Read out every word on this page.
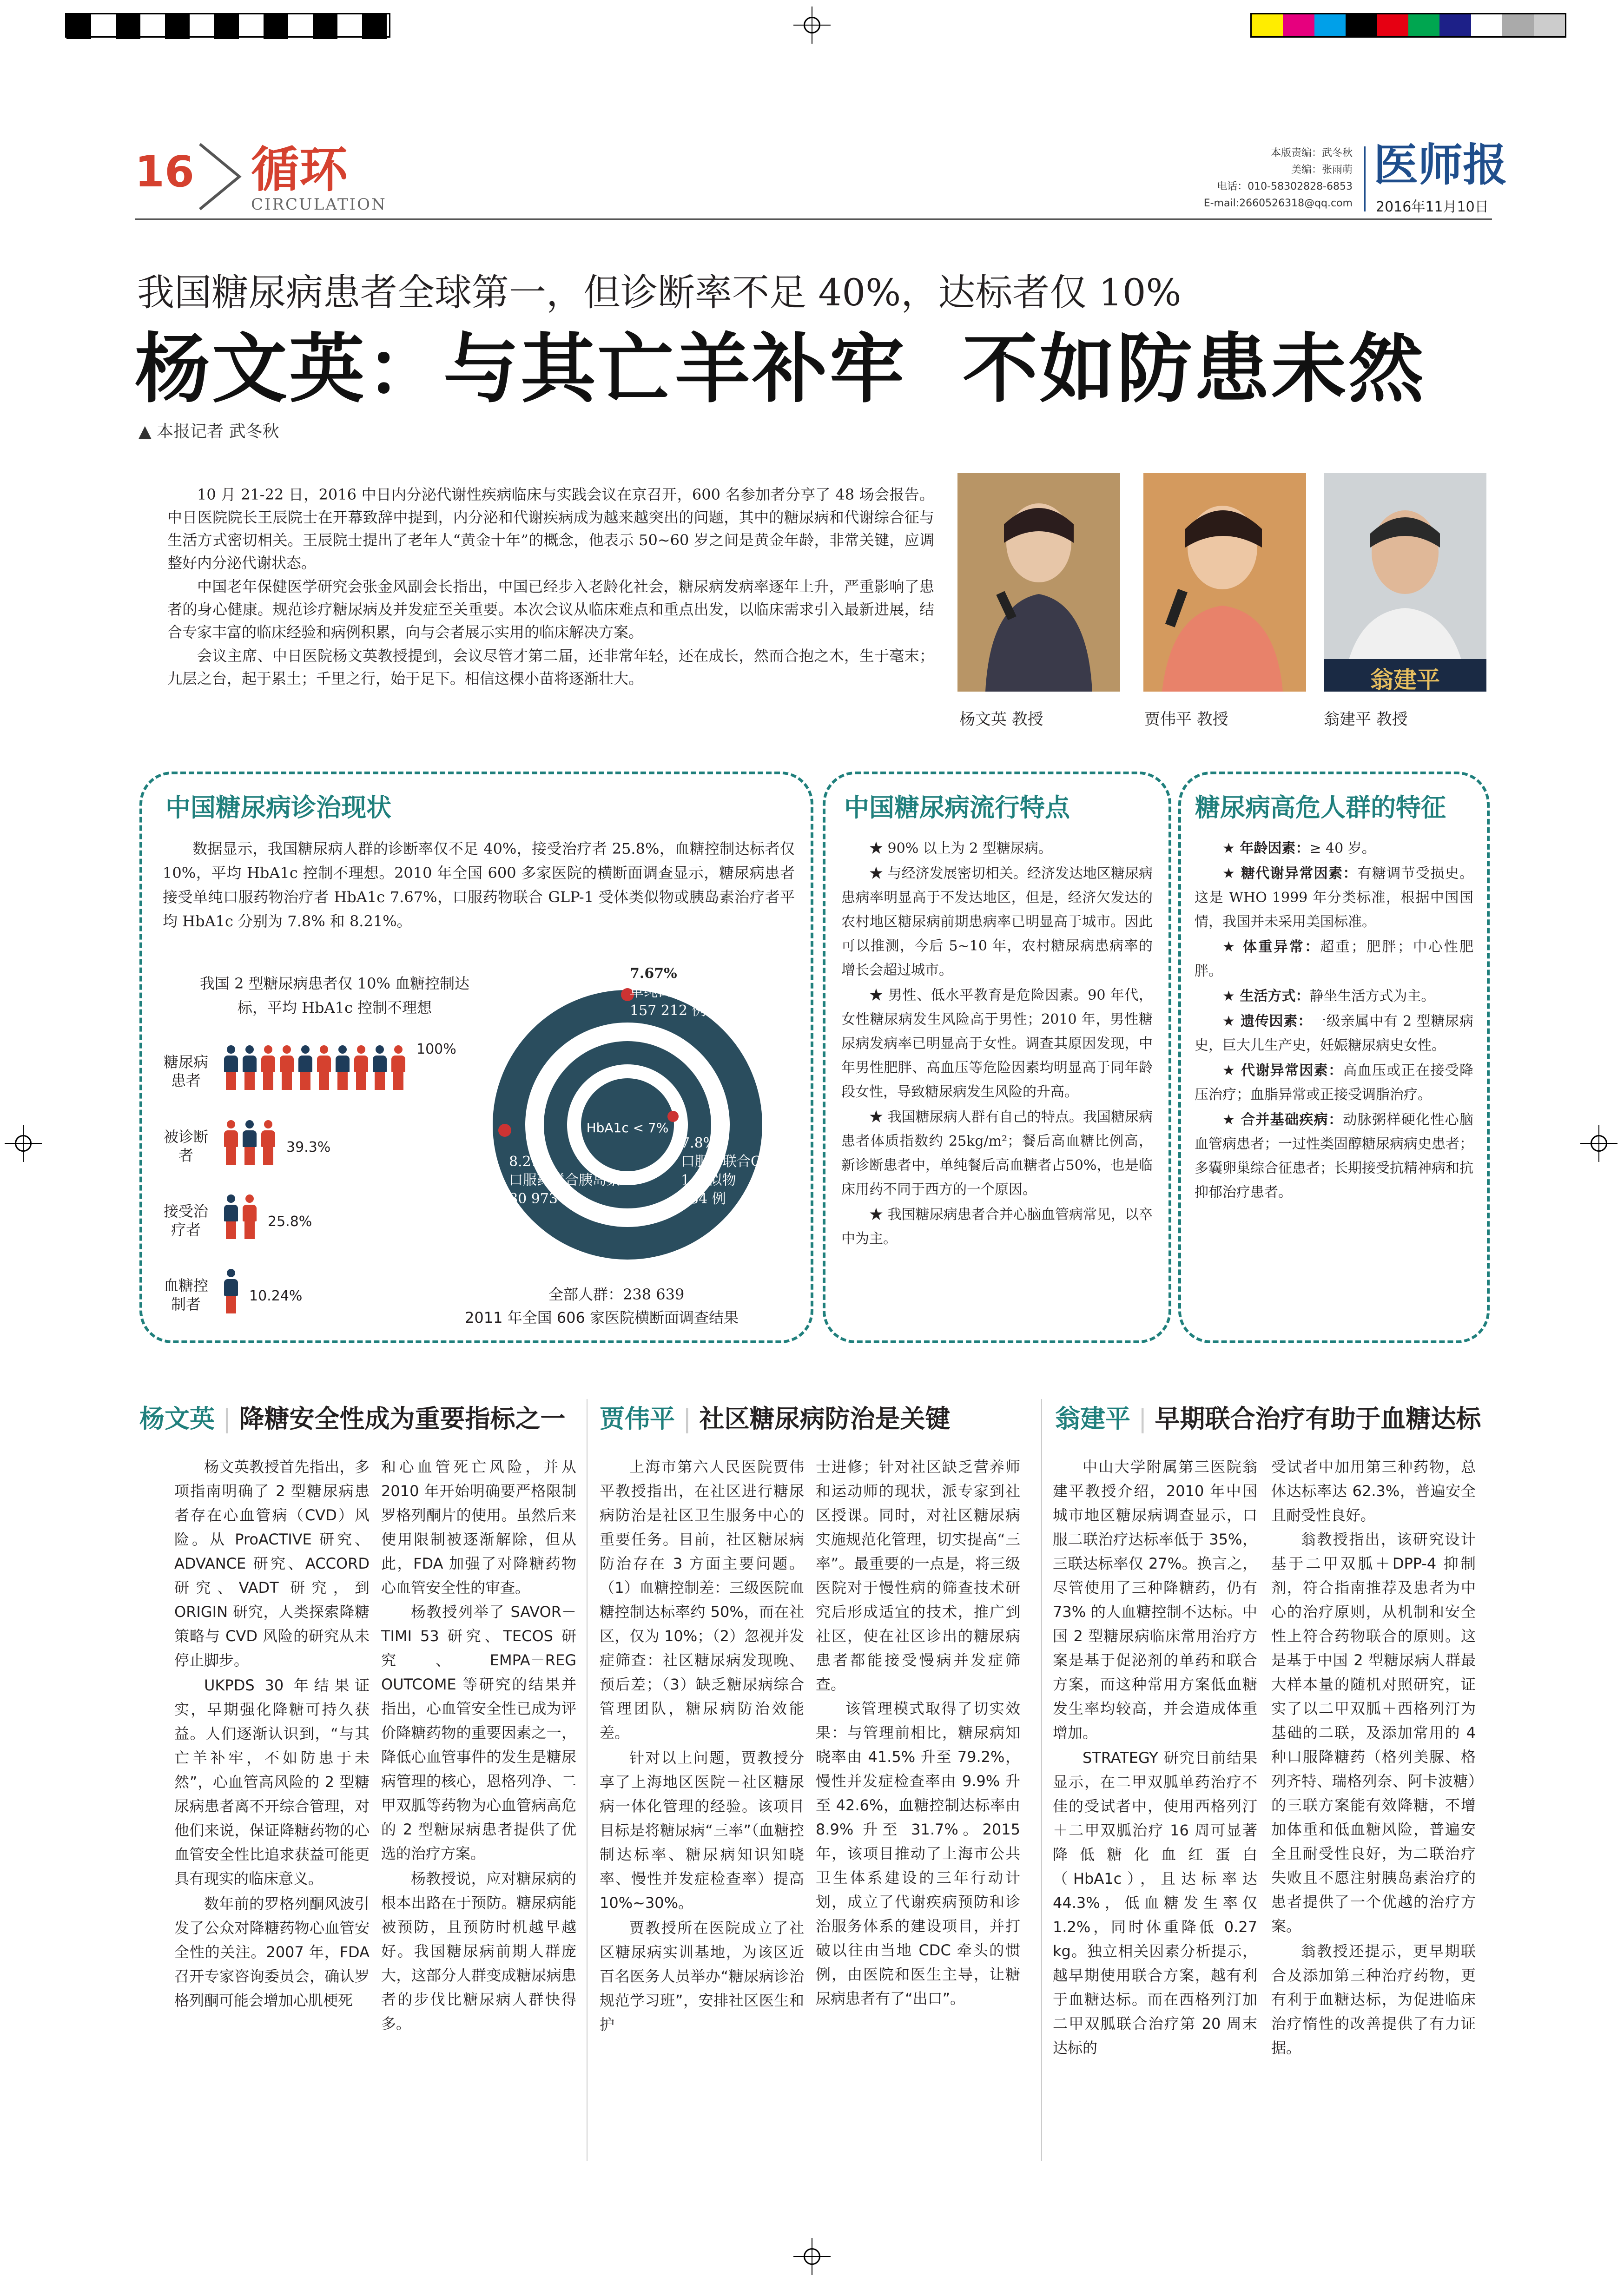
16 循环
CIRCULATION
本版责编：武冬秋
美编：张雨萌
电话：010-58302828-6853
E-mail:2660526318@qq.com
医师报
2016年11月10日
我国糖尿病患者全球第一，但诊断率不足 40%，达标者仅 10%
杨文英：与其亡羊补牢  不如防患未然
▲ 本报记者 武冬秋

10 月 21-22 日，2016 中日内分泌代谢性疾病临床与实践会议在京召开，600 名参加者分享了 48 场会报告。中日医院院长王辰院士在开幕致辞中提到，内分泌和代谢疾病成为越来越突出的问题，其中的糖尿病和代谢综合征与生活方式密切相关。王辰院士提出了老年人“黄金十年”的概念，他表示 50~60 岁之间是黄金年龄，非常关键，应调整好内分泌代谢状态。

中国老年保健医学研究会张金风副会长指出，中国已经步入老龄化社会，糖尿病发病率逐年上升，严重影响了患者的身心健康。规范诊疗糖尿病及并发症至关重要。本次会议从临床难点和重点出发，以临床需求引入最新进展，结合专家丰富的临床经验和病例积累，向与会者展示实用的临床解决方案。

会议主席、中日医院杨文英教授提到，会议尽管才第二届，还非常年轻，还在成长，然而合抱之木，生于毫末；九层之台，起于累土；千里之行，始于足下。相信这棵小苗将逐渐壮大。	翁建平
杨文英 教授	贾伟平 教授	翁建平 教授
中国糖尿病诊治现状

数据显示，我国糖尿病人群的诊断率仅不足 40%，接受治疗者 25.8%，血糖控制达标者仅 10%，平均 HbA1c 控制不理想。2010 年全国 600 多家医院的横断面调查显示，糖尿病患者接受单纯口服药物治疗者 HbA1c 7.67%，口服药物联合 GLP-1 受体类似物或胰岛素治疗者平均 HbA1c 分别为 7.8% 和 8.21%。

我国 2 型糖尿病患者仅 10% 血糖控制达标，平均 HbA1c 控制不理想
糖尿病患者
100%
被诊断者	39.3%
接受治疗者	25.8%
血糖控制者	10.24%
HbA1c < 7%
7.67%
单纯口服药
157 212 例
8.21%
口服药联合胰岛素
80 973 例
7.8%
口服药联合GLP-1 类似物
454 例
全部人群：238 639
2011 年全国 606 家医院横断面调查结果
中国糖尿病流行特点

★ 90% 以上为 2 型糖尿病。

★ 与经济发展密切相关。经济发达地区糖尿病患病率明显高于不发达地区，但是，经济欠发达的农村地区糖尿病前期患病率已明显高于城市。因此可以推测，今后 5~10 年，农村糖尿病患病率的增长会超过城市。

★ 男性、低水平教育是危险因素。90 年代，女性糖尿病发生风险高于男性；2010 年，男性糖尿病发病率已明显高于女性。调查其原因发现，中年男性肥胖、高血压等危险因素均明显高于同年龄段女性，导致糖尿病发生风险的升高。

★ 我国糖尿病人群有自己的特点。我国糖尿病患者体质指数约 25kg/m²；餐后高血糖比例高，新诊断患者中，单纯餐后高血糖者占50%，也是临床用药不同于西方的一个原因。

★ 我国糖尿病患者合并心脑血管病常见，以卒中为主。

糖尿病高危人群的特征

★ 年龄因素：≥ 40 岁。

★ 糖代谢异常因素：有糖调节受损史。这是 WHO 1999 年分类标准，根据中国国情，我国并未采用美国标准。

★ 体重异常：超重；肥胖；中心性肥胖。

★ 生活方式：静坐生活方式为主。

★ 遗传因素：一级亲属中有 2 型糖尿病史，巨大儿生产史，妊娠糖尿病史女性。

★ 代谢异常因素：高血压或正在接受降压治疗；血脂异常或正接受调脂治疗。

★ 合并基础疾病：动脉粥样硬化性心脑血管病患者；一过性类固醇糖尿病病史患者；多囊卵巢综合征患者；长期接受抗精神病和抗抑郁治疗患者。

杨文英 | 降糖安全性成为重要指标之一 贾伟平 | 社区糖尿病防治是关键	翁建平 | 早期联合治疗有助于血糖达标

杨文英教授首先指出，多项指南明确了 2 型糖尿病患者存在心血管病（CVD）风险。从 ProACTIVE 研究、ADVANCE 研究、ACCORD 研究、VADT 研究，到 ORIGIN 研究，人类探索降糖策略与 CVD 风险的研究从未停止脚步。

UKPDS 30 年结果证实，早期强化降糖可持久获益。人们逐渐认识到，“与其亡羊补牢，不如防患于未然”，心血管高风险的 2 型糖尿病患者离不开综合管理，对他们来说，保证降糖药物的心血管安全性比追求获益可能更具有现实的临床意义。

数年前的罗格列酮风波引发了公众对降糖药物心血管安全性的关注。2007 年，FDA 召开专家咨询委员会，确认罗格列酮可能会增加心肌梗死

和心血管死亡风险，并从 2010 年开始明确要严格限制罗格列酮片的使用。虽然后来使用限制被逐渐解除，但从此，FDA 加强了对降糖药物心血管安全性的审查。

杨教授列举了 SAVOR－TIMI 53 研究、TECOS 研究、EMPA－REG OUTCOME 等研究的结果并指出，心血管安全性已成为评价降糖药物的重要因素之一，降低心血管事件的发生是糖尿病管理的核心，恩格列净、二甲双胍等药物为心血管病高危的 2 型糖尿病患者提供了优选的治疗方案。

杨教授说，应对糖尿病的根本出路在于预防。糖尿病能被预防，且预防时机越早越好。我国糖尿病前期人群庞大，这部分人群变成糖尿病患者的步伐比糖尿病人群快得多。

上海市第六人民医院贾伟平教授指出，在社区进行糖尿病防治是社区卫生服务中心的重要任务。目前，社区糖尿病防治存在 3 方面主要问题。（1）血糖控制差：三级医院血糖控制达标率约 50%，而在社区，仅为 10%；（2）忽视并发症筛查：社区糖尿病发现晚、预后差；（3）缺乏糖尿病综合管理团队，糖尿病防治效能差。

针对以上问题，贾教授分享了上海地区医院－社区糖尿病一体化管理的经验。该项目目标是将糖尿病“三率”（血糖控制达标率、糖尿病知识知晓率、慢性并发症检查率）提高 10%~30%。

贾教授所在医院成立了社区糖尿病实训基地，为该区近百名医务人员举办“糖尿病诊治规范学习班”，安排社区医生和护

士进修；针对社区缺乏营养师和运动师的现状，派专家到社区授课。同时，对社区糖尿病实施规范化管理，切实提高“三率”。最重要的一点是，将三级医院对于慢性病的筛查技术研究后形成适宜的技术，推广到社区，使在社区诊出的糖尿病患者都能接受慢病并发症筛查。

该管理模式取得了切实效果：与管理前相比，糖尿病知晓率由 41.5% 升至 79.2%，慢性并发症检查率由 9.9% 升至 42.6%，血糖控制达标率由 8.9% 升至 31.7%。2015 年，该项目推动了上海市公共卫生体系建设的三年行动计划，成立了代谢疾病预防和诊治服务体系的建设项目，并打破以往由当地 CDC 牵头的惯例，由医院和医生主导，让糖尿病患者有了“出口”。

中山大学附属第三医院翁建平教授介绍，2010 年中国城市地区糖尿病调查显示，口服二联治疗达标率低于 35%，三联达标率仅 27%。换言之，尽管使用了三种降糖药，仍有 73% 的人血糖控制不达标。中国 2 型糖尿病临床常用治疗方案是基于促泌剂的单药和联合方案，而这种常用方案低血糖发生率均较高，并会造成体重增加。

STRATEGY 研究目前结果显示，在二甲双胍单药治疗不佳的受试者中，使用西格列汀＋二甲双胍治疗 16 周可显著降低糖化血红蛋白（HbA1c），且达标率达 44.3%，低血糖发生率仅 1.2%，同时体重降低 0.27 kg。独立相关因素分析提示，越早期使用联合方案，越有利于血糖达标。而在西格列汀加二甲双胍联合治疗第 20 周末达标的

受试者中加用第三种药物，总体达标率达 62.3%，普遍安全且耐受性良好。

翁教授指出，该研究设计基于二甲双胍＋DPP-4 抑制剂，符合指南推荐及患者为中心的治疗原则，从机制和安全性上符合药物联合的原则。这是基于中国 2 型糖尿病人群最大样本量的随机对照研究，证实了以二甲双胍＋西格列汀为基础的二联，及添加常用的 4 种口服降糖药（格列美脲、格列齐特、瑞格列奈、阿卡波糖）的三联方案能有效降糖，不增加体重和低血糖风险，普遍安全且耐受性良好，为二联治疗失败且不愿注射胰岛素治疗的患者提供了一个优越的治疗方案。

翁教授还提示，更早期联合及添加第三种治疗药物，更有利于血糖达标，为促进临床治疗惰性的改善提供了有力证据。
